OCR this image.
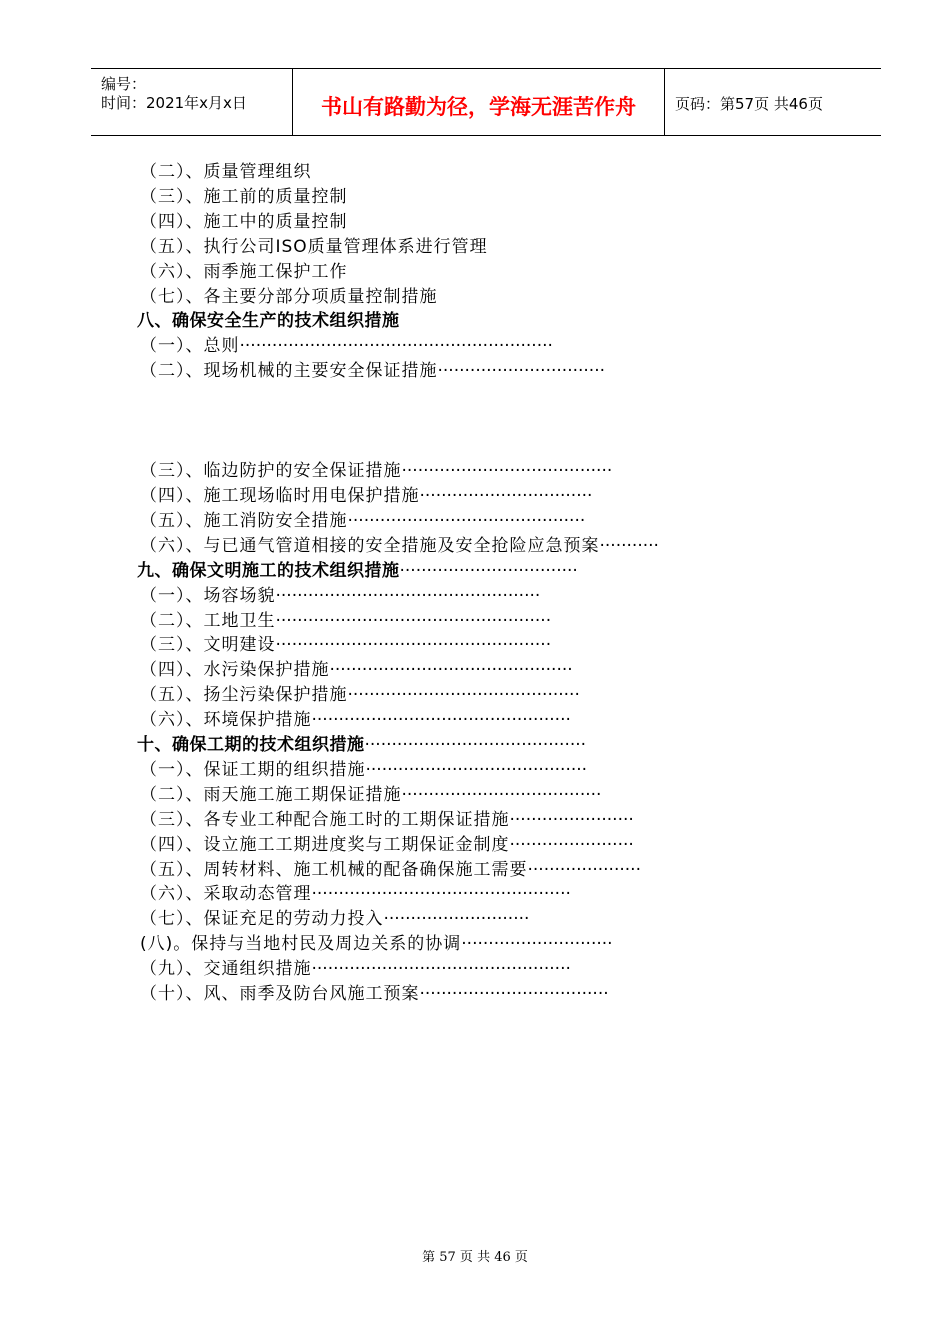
编号：
时间：2021年x月x日	书山有路勤为径，学海无涯苦作舟	页码：第57页 共46页
（二）、质量管理组织
（三）、施工前的质量控制
（四）、施工中的质量控制
（五）、执行公司ISO质量管理体系进行管理
（六）、雨季施工保护工作
（七）、各主要分部分项质量控制措施
八、确保安全生产的技术组织措施
（一）、总则··························································
（二）、现场机械的主要安全保证措施·······························
（三）、临边防护的安全保证措施·······································
（四）、施工现场临时用电保护措施································
（五）、施工消防安全措施············································
（六）、与已通气管道相接的安全措施及安全抢险应急预案···········
九、确保文明施工的技术组织措施·································
（一）、场容场貌·················································
（二）、工地卫生···················································
（三）、文明建设···················································
（四）、水污染保护措施·············································
（五）、扬尘污染保护措施···········································
（六）、环境保护措施················································
十、确保工期的技术组织措施·········································
（一）、保证工期的组织措施·········································
（二）、雨天施工施工期保证措施·····································
（三）、各专业工种配合施工时的工期保证措施·······················
（四）、设立施工工期进度奖与工期保证金制度·······················
（五）、周转材料、施工机械的配备确保施工需要·····················
（六）、采取动态管理················································
（七）、保证充足的劳动力投入···························
(八)。保持与当地村民及周边关系的协调····························
（九）、交通组织措施················································
（十）、风、雨季及防台风施工预案···································
第 57 页 共 46 页
